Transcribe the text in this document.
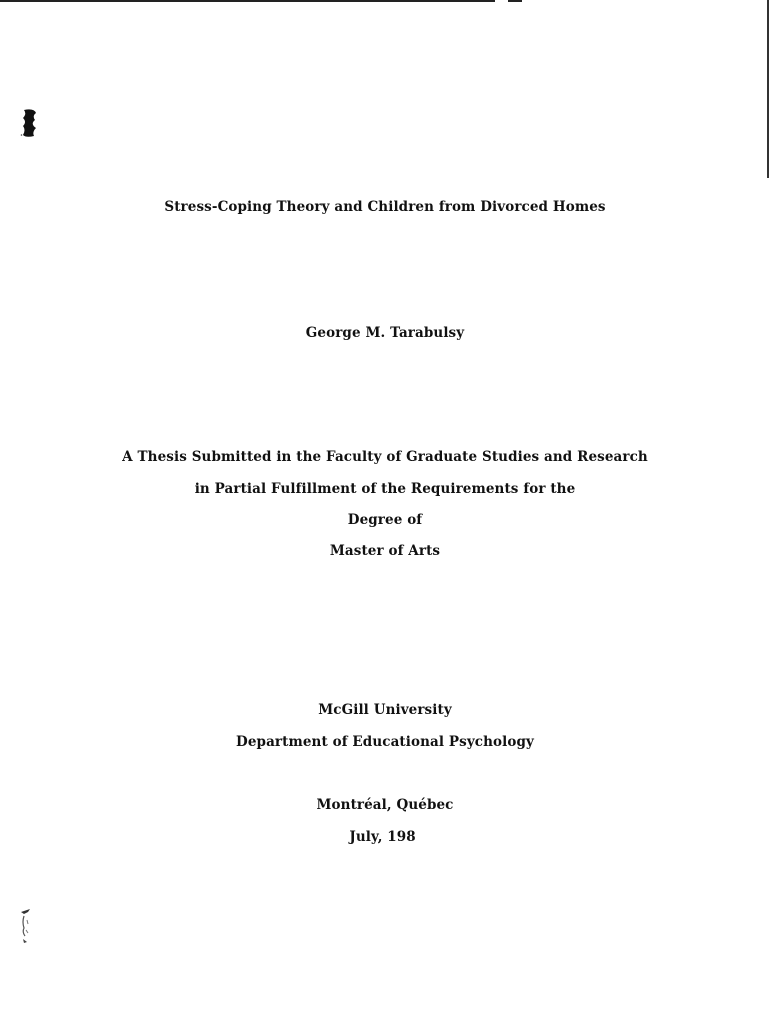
Stress-Coping Theory and Children from Divorced Homes
George M. Tarabulsy
A Thesis Submitted in the Faculty of Graduate Studies and Research
in Partial Fulfillment of the Requirements for the
Degree of
Master of Arts
McGill University
Department of Educational Psychology
Montréal, Québec
July, 198
